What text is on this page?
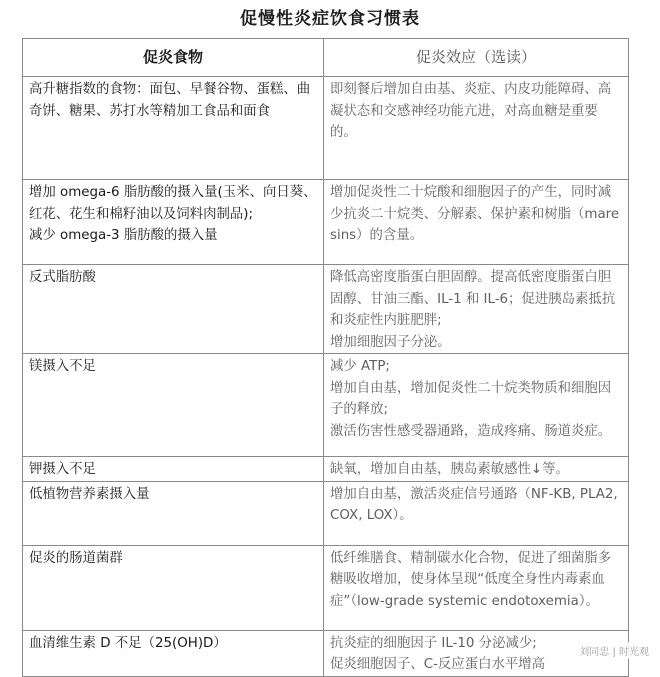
促慢性炎症饮食习惯表
促炎食物	促炎效应（选读）

高升糖指数的食物：面包、早餐谷物、蛋糕、曲奇饼、糖果、苏打水等精加工食品和面食	即刻餐后增加自由基、炎症、内皮功能障碍、高凝状态和交感神经功能亢进，对高血糖是重要的。

增加 omega-6 脂肪酸的摄入量(玉米、向日葵、红花、花生和棉籽油以及饲料肉制品);
减少 omega-3 脂肪酸的摄入量	增加促炎性二十烷酸和细胞因子的产生，同时减少抗炎二十烷类、分解素、保护素和树脂（maresins）的含量。

反式脂肪酸	降低高密度脂蛋白胆固醇。提高低密度脂蛋白胆固醇、甘油三酯、IL-1 和 IL-6；促进胰岛素抵抗和炎症性内脏肥胖;
增加细胞因子分泌。

镁摄入不足	减少 ATP;
增加自由基，增加促炎性二十烷类物质和细胞因子的释放;
激活伤害性感受器通路，造成疼痛、肠道炎症。

钾摄入不足	缺氧，增加自由基，胰岛素敏感性↓等。

低植物营养素摄入量	增加自由基，激活炎症信号通路（NF-KB, PLA2,
COX, LOX）。

促炎的肠道菌群	低纤维膳食、精制碳水化合物，促进了细菌脂多糖吸收增加，使身体呈现“低度全身性内毒素血症”（low-grade systemic endotoxemia）。

血清维生素 D 不足（25(OH)D）	抗炎症的细胞因子 IL-10 分泌减少;
促炎细胞因子、C-反应蛋白水平增高
刘同忠 | 时光观
